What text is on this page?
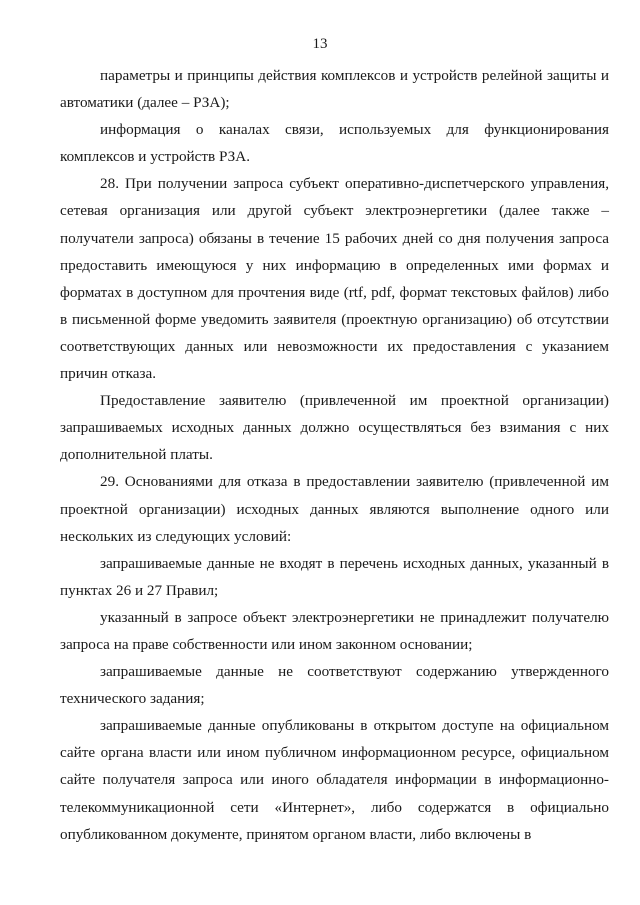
13

параметры и принципы действия комплексов и устройств релейной защиты и автоматики (далее – РЗА);

информация о каналах связи, используемых для функционирования комплексов и устройств РЗА.

28. При получении запроса субъект оперативно-диспетчерского управления, сетевая организация или другой субъект электроэнергетики (далее также – получатели запроса) обязаны в течение 15 рабочих дней со дня получения запроса предоставить имеющуюся у них информацию в определенных ими формах и форматах в доступном для прочтения виде (rtf, pdf, формат текстовых файлов) либо в письменной форме уведомить заявителя (проектную организацию) об отсутствии соответствующих данных или невозможности их предоставления с указанием причин отказа.

Предоставление заявителю (привлеченной им проектной организации) запрашиваемых исходных данных должно осуществляться без взимания с них дополнительной платы.

29. Основаниями для отказа в предоставлении заявителю (привлеченной им проектной организации) исходных данных являются выполнение одного или нескольких из следующих условий:

запрашиваемые данные не входят в перечень исходных данных, указанный в пунктах 26 и 27 Правил;

указанный в запросе объект электроэнергетики не принадлежит получателю запроса на праве собственности или ином законном основании;

запрашиваемые данные не соответствуют содержанию утвержденного технического задания;

запрашиваемые данные опубликованы в открытом доступе на официальном сайте органа власти или ином публичном информационном ресурсе, официальном сайте получателя запроса или иного обладателя информации в информационно-телекоммуникационной сети «Интернет», либо содержатся в официально опубликованном документе, принятом органом власти, либо включены в
